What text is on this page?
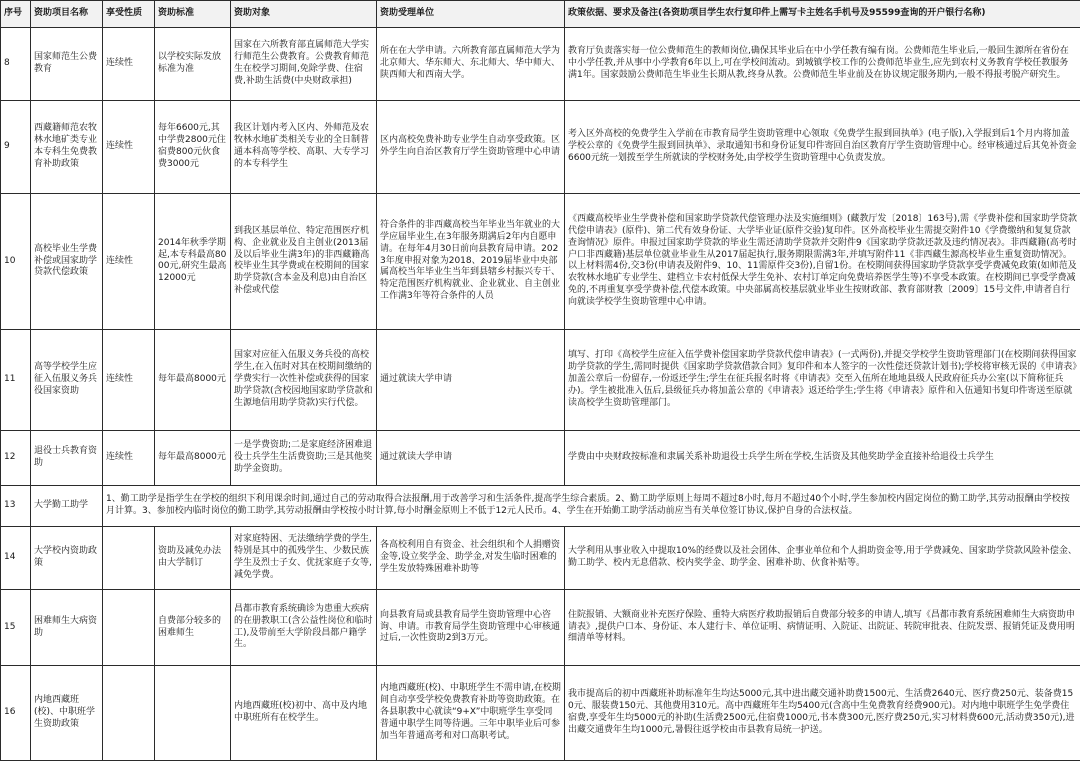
序号	资助项目名称	享受性质	资助标准	资助对象	资助受理单位	政策依据、要求及备注(各资助项目学生农行复印件上需写卡主姓名手机号及95599查询的开户银行名称)
8	国家师范生公费教育	连续性	以学校实际发放标准为准	国家在六所教育部直属师范大学实行师范生公费教育。公费教育师范生在校学习期间,免除学费、住宿费,补助生活费(中央财政承担)	所在在大学申请。六所教育部直属师范大学为北京师大、华东师大、东北师大、华中师大、陕西师大和西南大学。	教育厅负责落实每一位公费师范生的教师岗位,确保其毕业后在中小学任教有编有岗。公费师范生毕业后,一般回生源所在省份在中小学任教,并从事中小学教育6年以上,可在学校间流动。到城镇学校工作的公费师范毕业生,应先到农村义务教育学校任教服务满1年。国家鼓励公费师范生毕业生长期从教,终身从教。公费师范生毕业前及在协议规定服务期内,一般不得报考脱产研究生。
9	西藏籍师范农牧林水地矿类专业本专科生免费教育补助政策	连续性	每年6600元,其中学费2800元住宿费800元伙食费3000元	我区计划内考入区内、外师范及农牧林水地矿类相关专业的全日制普通本科高等学校、高职、大专学习的本专科学生	区内高校免费补助专业学生自动享受政策。区外学生向自治区教育厅学生资助管理中心申请	考入区外高校的免费学生入学前在市教育局学生资助管理中心领取《免费学生报到回执单》(电子版),入学报到后1个月内将加盖学校公章的《免费学生报到回执单》、录取通知书和身份证复印件寄回自治区教育厅学生资助管理中心。经审核通过后其免补资金6600元统一划拨至学生所就读的学校财务处,由学校学生资助管理中心负责发放。
10	高校毕业生学费补偿或国家助学贷款代偿政策	连续性	2014年秋季学期起,本专科最高8000元,研究生最高12000元	到我区基层单位、特定范围医疗机构、企业就业及自主创业(2013届及以后毕业生满3年)的非西藏籍高校毕业生其学费或在校期间的国家助学贷款(含本金及利息)由自治区补偿或代偿	符合条件的非西藏高校当年毕业当年就业的大学应届毕业生,在3年服务期满后2年内自愿申请。在每年4月30日前向县教育局申请。2023年度申报对象为2018、2019届毕业中央部属高校当年毕业生当年到县辖乡村振兴专干、特定范围医疗机构就业、企业就业、自主创业工作满3年等符合条件的人员	《西藏高校毕业生学费补偿和国家助学贷款代偿管理办法及实施细则》(藏教厅发〔2018〕163号),需《学费补偿和国家助学贷款代偿申请表》(原件)、第二代有效身份证、大学毕业证(原件交验)复印件。区外高校毕业生需提交附件10《学费缴纳和复复贷款查询情况》原件。申报过国家助学贷款的毕业生需还清助学贷款并交附件9《国家助学贷款还款及违约情况表》。非西藏籍(高考时户口非西藏籍)基层单位就业毕业生从2017届起执行,服务期限需满3年,并填写附件11《非西藏生源高校毕业生重复资助情况》。以上材料需4份,交3份(申请表及附件9、10、11需原件交3份),自留1份。在校期间获得国家助学贷款享受学费减免政策(如师范及农牧林水地矿专业学生、建档立卡农村低保大学生免补、农村订单定向免费培养医学生等)不享受本政策。在校期间已享受学费减免的,不再重复享受学费补偿,代偿本政策。中央部属高校基层就业毕业生按财政部、教育部财教〔2009〕15号文件,申请者自行向就读学校学生资助管理中心申请。
11	高等学校学生应征入伍服义务兵役国家资助	连续性	每年最高8000元	国家对应征入伍服义务兵役的高校学生,在入伍时对其在校期间缴纳的学费实行一次性补偿或获得的国家助学贷款(含校园地国家助学贷款和生源地信用助学贷款)实行代偿。	通过就读大学申请	填写、打印《高校学生应征入伍学费补偿国家助学贷款代偿申请表》(一式两份),并提交学校学生资助管理部门(在校期间获得国家助学贷款的学生,需同时提供《国家助学贷款借款合同》复印件和本人签字的一次性偿还贷款计划书);学校将审核无误的《申请表》加盖公章后一份留存,一份返还学生;学生在征兵报名时将《申请表》交至入伍所在地地县级人民政府征兵办公室(以下简称征兵办)。学生被批准入伍后,县级征兵办将加盖公章的《申请表》返还给学生;学生将《申请表》原件和入伍通知书复印件寄送至原就读高校学生资助管理部门。
12	退役士兵教育资助	连续性	每年最高8000元	一是学费资助;二是家庭经济困难退役士兵学生生活费资助;三是其他奖助学金资助。	通过就读大学申请	学费由中央财政按标准和隶属关系补助退役士兵学生所在学校,生活资及其他奖助学金直接补给退役士兵学生
13	大学勤工助学	1、勤工助学是指学生在学校的组织下利用课余时间,通过自己的劳动取得合法报酬,用于改善学习和生活条件,提高学生综合素质。2、勤工助学原则上每周不超过8小时,每月不超过40个小时,学生参加校内固定岗位的勤工助学,其劳动报酬由学校按月计算。3、参加校内临时岗位的勤工助学,其劳动报酬由学校按小时计算,每小时酬金原则上不低于12元人民币。4、学生在开始勤工助学活动前应当有关单位签订协议,保护自身的合法权益。				
14	大学校内资助政策		资助及减免办法由大学制订	对家庭特困、无法缴纳学费的学生,特别是其中的孤残学生、少数民族学生及烈士子女、优抚家庭子女等,减免学费。	各高校利用自有资金、社会组织和个人捐赠资金等,设立奖学金、助学金,对发生临时困难的学生发放特殊困难补助等	大学利用从事业收入中提取10%的经费以及社会团体、企事业单位和个人捐助资金等,用于学费减免、国家助学贷款风险补偿金、勤工助学、校内无息借款、校内奖学金、助学金、困难补助、伙食补贴等。
15	困难师生大病资助		自费部分较多的困难师生	昌都市教育系统确诊为患重大疾病的在册教职工(含公益性岗位和临时工),及带前至大学阶段昌都户籍学生。	向县教育局或县教育局学生资助管理中心咨询、申请。市教育局学生资助管理中心审核通过后,一次性资助2到3万元。	住院报销、大额商业补充医疗保险、重特大病医疗救助报销后自费部分较多的申请人,填写《昌都市教育系统困难师生大病资助申请表》,提供户口本、身份证、本人建行卡、单位证明、病情证明、入院证、出院证、转院审批表、住院发票、报销凭证及费用明细清单等材料。
16	内地西藏班(校)、中职班学生资助政策			内地西藏班(校)初中、高中及内地中职班所有在校学生。	内地西藏班(校)、中职班学生不需申请,在校期间自动享受学校免费教育补助等资助政策。在各县职教中心就读“9+X”中职班学生享受同普通中职学生同等待遇。三年中职毕业后可参加当年普通高考和对口高职考试。	我市提高后的初中西藏班补助标准年生均达5000元,其中进出藏交通补助费1500元、生活费2640元、医疗费250元、装备费150元、服装费150元、其他费用310元。高中西藏班年生均5400元(含高中生免费教育经费900元)。对内地中职班学生免学费住宿费,享受年生均5000元的补助(生活费2500元,住宿费1000元,书本费300元,医疗费250元,实习材料费600元,活动费350元),进出藏交通费年生均1000元,暑假往返学校由市县教育局统一护送。
